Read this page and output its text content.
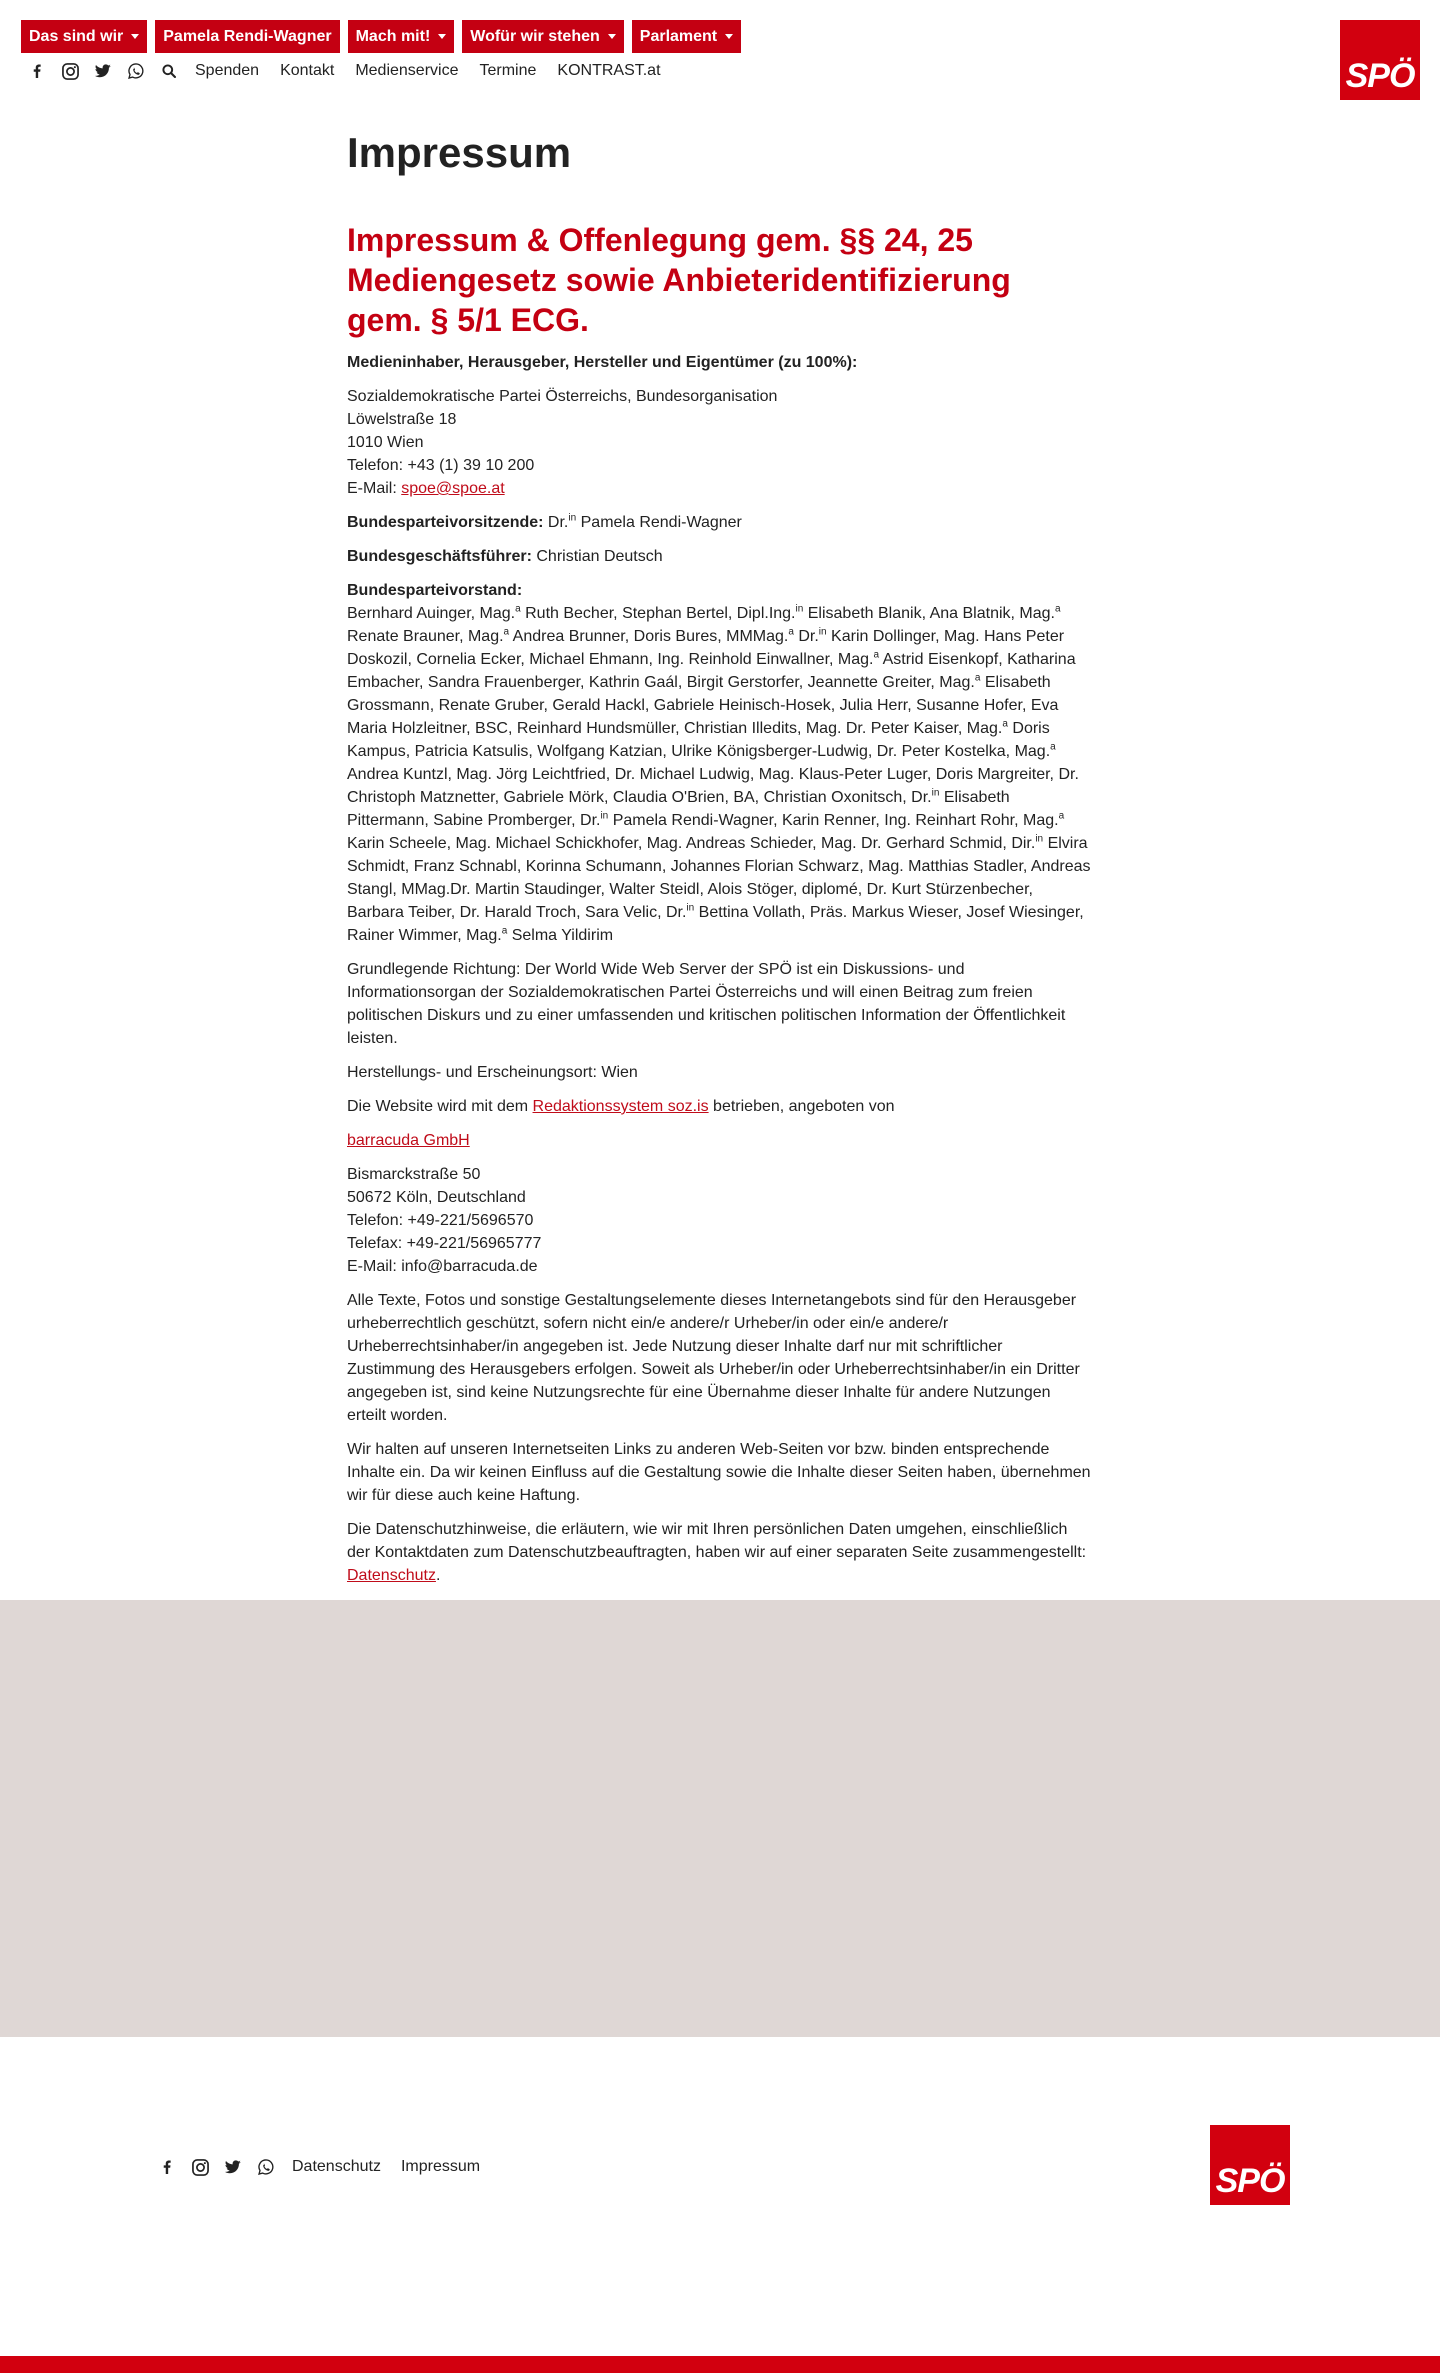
Das sind wir	Pamela Rendi-Wagner Mach mit!	Wofür wir stehen	Parlament
Spenden Kontakt Medienservice Termine KONTRAST.at	SPÖ
Impressum
Impressum & Offenlegung gem. §§ 24, 25 Mediengesetz sowie Anbieteridentifizierung gem. § 5/1 ECG.

Medieninhaber, Herausgeber, Hersteller und Eigentümer (zu 100%):

Sozialdemokratische Partei Österreichs, Bundesorganisation
Löwelstraße 18
1010 Wien
Telefon: +43 (1) 39 10 200
E-Mail: spoe@spoe.at

Bundesparteivorsitzende: Dr.$^{in}$ Pamela Rendi-Wagner

Bundesgeschäftsführer: Christian Deutsch

Bundesparteivorstand:
Bernhard Auinger, Mag.$^a$ Ruth Becher, Stephan Bertel, Dipl.Ing.$^{in}$ Elisabeth Blanik, Ana Blatnik, Mag.$^a$ Renate Brauner, Mag.$^a$ Andrea Brunner, Doris Bures, MMMag.$^a$ Dr.$^{in}$ Karin Dollinger, Mag. Hans Peter Doskozil, Cornelia Ecker, Michael Ehmann, Ing. Reinhold Einwallner, Mag.$^a$ Astrid Eisenkopf, Katharina Embacher, Sandra Frauenberger, Kathrin Gaál, Birgit Gerstorfer, Jeannette Greiter, Mag.$^a$ Elisabeth Grossmann, Renate Gruber, Gerald Hackl, Gabriele Heinisch-Hosek, Julia Herr, Susanne Hofer, Eva Maria Holzleitner, BSC, Reinhard Hundsmüller, Christian Illedits, Mag. Dr. Peter Kaiser, Mag.$^a$ Doris Kampus, Patricia Katsulis, Wolfgang Katzian, Ulrike Königsberger-Ludwig, Dr. Peter Kostelka, Mag.$^a$ Andrea Kuntzl, Mag. Jörg Leichtfried, Dr. Michael Ludwig, Mag. Klaus-Peter Luger, Doris Margreiter, Dr. Christoph Matznetter, Gabriele Mörk, Claudia O'Brien, BA, Christian Oxonitsch, Dr.$^{in}$ Elisabeth Pittermann, Sabine Promberger, Dr.$^{in}$ Pamela Rendi-Wagner, Karin Renner, Ing. Reinhart Rohr, Mag.$^a$ Karin Scheele, Mag. Michael Schickhofer, Mag. Andreas Schieder, Mag. Dr. Gerhard Schmid, Dir.$^{in}$ Elvira Schmidt, Franz Schnabl, Korinna Schumann, Johannes Florian Schwarz, Mag. Matthias Stadler, Andreas Stangl, MMag.Dr. Martin Staudinger, Walter Steidl, Alois Stöger, diplomé, Dr. Kurt Stürzenbecher, Barbara Teiber, Dr. Harald Troch, Sara Velic, Dr.$^{in}$ Bettina Vollath, Präs. Markus Wieser, Josef Wiesinger, Rainer Wimmer, Mag.$^a$ Selma Yildirim

Grundlegende Richtung: Der World Wide Web Server der SPÖ ist ein Diskussions- und Informationsorgan der Sozialdemokratischen Partei Österreichs und will einen Beitrag zum freien politischen Diskurs und zu einer umfassenden und kritischen politischen Information der Öffentlichkeit leisten.

Herstellungs- und Erscheinungsort: Wien

Die Website wird mit dem Redaktionssystem soz.is betrieben, angeboten von

barracuda GmbH

Bismarckstraße 50
50672 Köln, Deutschland
Telefon: +49-221/5696570
Telefax: +49-221/56965777
E-Mail: info@barracuda.de

Alle Texte, Fotos und sonstige Gestaltungselemente dieses Internetangebots sind für den Herausgeber urheberrechtlich geschützt, sofern nicht ein/e andere/r Urheber/in oder ein/e andere/r Urheberrechtsinhaber/in angegeben ist. Jede Nutzung dieser Inhalte darf nur mit schriftlicher Zustimmung des Herausgebers erfolgen. Soweit als Urheber/in oder Urheberrechtsinhaber/in ein Dritter angegeben ist, sind keine Nutzungsrechte für eine Übernahme dieser Inhalte für andere Nutzungen erteilt worden.

Wir halten auf unseren Internetseiten Links zu anderen Web-Seiten vor bzw. binden entsprechende Inhalte ein. Da wir keinen Einfluss auf die Gestaltung sowie die Inhalte dieser Seiten haben, übernehmen wir für diese auch keine Haftung.

Die Datenschutzhinweise, die erläutern, wie wir mit Ihren persönlichen Daten umgehen, einschließlich der Kontaktdaten zum Datenschutzbeauftragten, haben wir auf einer separaten Seite zusammengestellt: Datenschutz.

Datenschutz Impressum	SPÖ
